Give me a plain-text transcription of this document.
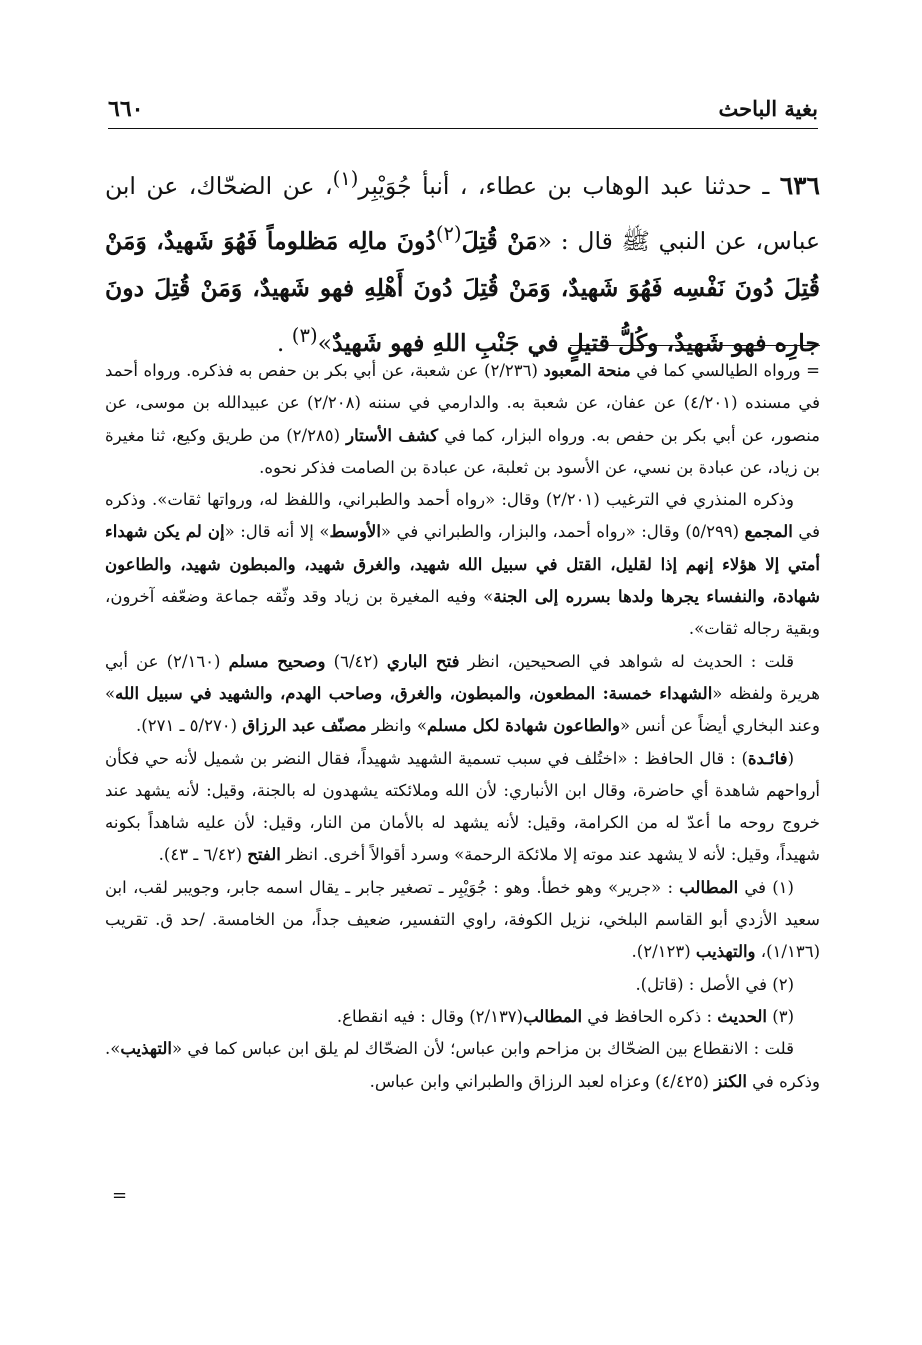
٦٦٠	بغية الباحث
٦٣٦ ـ حدثنا عبد الوهاب بن عطاء، ، أنبأ جُوَيْبِر$^{(١)}$، عن الضحّاك، عن ابن عباس، عن النبي ﷺ قال : «مَنْ قُتِلَ$^{(٢)}$دُونَ مالِه مَظلوماً فَهُوَ شَهيدٌ، وَمَنْ قُتِلَ دُونَ نَفْسِه فَهُوَ شَهيدٌ، وَمَنْ قُتِلَ دُونَ أَهْلِهِ فهو شَهيدٌ، وَمَنْ قُتِلَ دونَ جارِه فهو شَهيدٌ، وكُلُّ قتيلٍ في جَنْبِ اللهِ فهو شَهيدٌ»$^{(٣)}$ .

= ورواه الطيالسي كما في منحة المعبود (٢/٢٣٦) عن شعبة، عن أبي بكر بن حفص به فذكره. ورواه أحمد في مسنده (٤/٢٠١) عن عفان، عن شعبة به. والدارمي في سننه (٢/٢٠٨) عن عبيدالله بن موسى، عن منصور، عن أبي بكر بن حفص به. ورواه البزار، كما في كشف الأستار (٢/٢٨٥) من طريق وكيع، ثنا مغيرة بن زياد، عن عبادة بن نسي، عن الأسود بن ثعلبة، عن عبادة بن الصامت فذكر نحوه.

وذكره المنذري في الترغيب (٢/٢٠١) وقال: «رواه أحمد والطبراني، واللفظ له، ورواتها ثقات». وذكره في المجمع (٥/٢٩٩) وقال: «رواه أحمد، والبزار، والطبراني في «الأوسط» إلا أنه قال: «إن لم يكن شهداء أمتي إلا هؤلاء إنهم إذا لقليل، القتل في سبيل الله شهيد، والغرق شهيد، والمبطون شهيد، والطاعون شهادة، والنفساء يجرها ولدها بسرره إلى الجنة» وفيه المغيرة بن زياد وقد وثّقه جماعة وضعّفه آخرون، وبقية رجاله ثقات».

قلت : الحديث له شواهد في الصحيحين، انظر فتح الباري (٦/٤٢) وصحيح مسلم (٢/١٦٠) عن أبي هريرة ولفظه «الشهداء خمسة: المطعون، والمبطون، والغرق، وصاحب الهدم، والشهيد في سبيل الله» وعند البخاري أيضاً عن أنس «والطاعون شهادة لكل مسلم» وانظر مصنّف عبد الرزاق (٥/٢٧٠ ـ ٢٧١).

(فائـدة) : قال الحافظ : «اختُلف في سبب تسمية الشهيد شهيداً، فقال النضر بن شميل لأنه حي فكأن أرواحهم شاهدة أي حاضرة، وقال ابن الأنباري: لأن الله وملائكته يشهدون له بالجنة، وقيل: لأنه يشهد عند خروج روحه ما أعدّ له من الكرامة، وقيل: لأنه يشهد له بالأمان من النار، وقيل: لأن عليه شاهداً بكونه شهيداً، وقيل: لأنه لا يشهد عند موته إلا ملائكة الرحمة» وسرد أقوالاً أخرى. انظر الفتح (٦/٤٢ ـ ٤٣).

(١) في المطالب : «جرير» وهو خطأ. وهو : جُوَيْبِر ـ تصغير جابر ـ يقال اسمه جابر، وجويبر لقب، ابن سعيد الأزدي أبو القاسم البلخي، نزيل الكوفة، راوي التفسير، ضعيف جداً، من الخامسة. /حد ق. تقريب (١/١٣٦)، والتهذيب (٢/١٢٣).

(٢) في الأصل : (قاتل).

(٣) الحديث : ذكره الحافظ في المطالب(٢/١٣٧) وقال : فيه انقطاع.

قلت : الانقطاع بين الضحّاك بن مزاحم وابن عباس؛ لأن الضحّاك لم يلق ابن عباس كما في «التهذيب». وذكره في الكنز (٤/٤٢٥) وعزاه لعبد الرزاق والطبراني وابن عباس.

=
